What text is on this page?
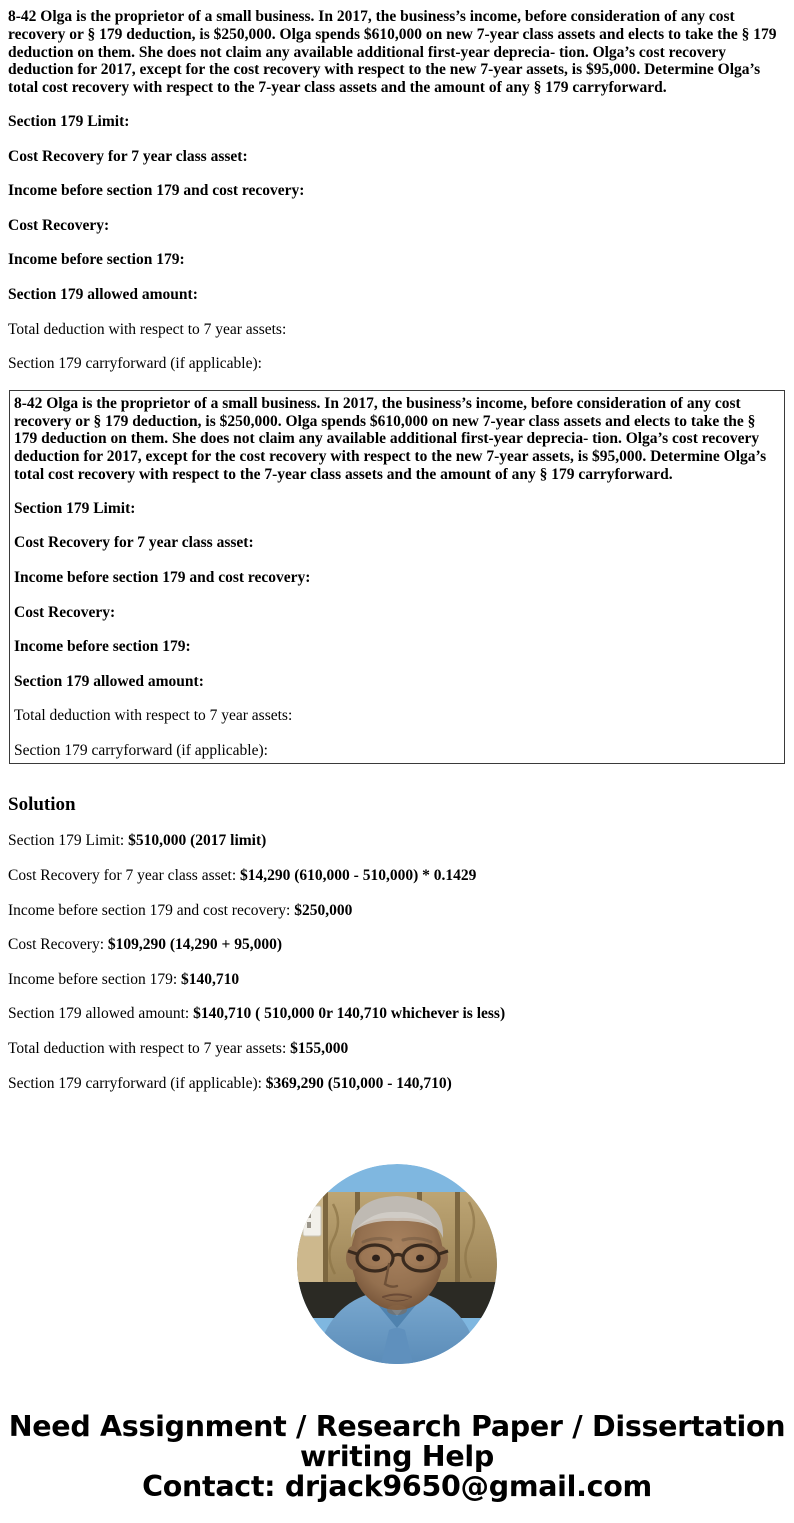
8-42 Olga is the proprietor of a small business. In 2017, the business’s income, before consideration of any cost recovery or § 179 deduction, is $250,000. Olga spends $610,000 on new 7-year class assets and elects to take the § 179 deduction on them. She does not claim any available additional first-year deprecia- tion. Olga’s cost recovery deduction for 2017, except for the cost recovery with respect to the new 7-year assets, is $95,000. Determine Olga’s total cost recovery with respect to the 7-year class assets and the amount of any § 179 carryforward.

Section 179 Limit:

Cost Recovery for 7 year class asset:

Income before section 179 and cost recovery:

Cost Recovery:

Income before section 179:

Section 179 allowed amount:

Total deduction with respect to 7 year assets:

Section 179 carryforward (if applicable):

8-42 Olga is the proprietor of a small business. In 2017, the business’s income, before consideration of any cost recovery or § 179 deduction, is $250,000. Olga spends $610,000 on new 7-year class assets and elects to take the § 179 deduction on them. She does not claim any available additional first-year deprecia- tion. Olga’s cost recovery deduction for 2017, except for the cost recovery with respect to the new 7-year assets, is $95,000. Determine Olga’s total cost recovery with respect to the 7-year class assets and the amount of any § 179 carryforward.

Section 179 Limit:

Cost Recovery for 7 year class asset:

Income before section 179 and cost recovery:

Cost Recovery:

Income before section 179:

Section 179 allowed amount:

Total deduction with respect to 7 year assets:

Section 179 carryforward (if applicable):

Solution

Section 179 Limit: $510,000 (2017 limit)

Cost Recovery for 7 year class asset: $14,290 (610,000 - 510,000) * 0.1429

Income before section 179 and cost recovery: $250,000

Cost Recovery: $109,290 (14,290 + 95,000)

Income before section 179: $140,710

Section 179 allowed amount: $140,710 ( 510,000 0r 140,710 whichever is less)

Total deduction with respect to 7 year assets: $155,000

Section 179 carryforward (if applicable): $369,290 (510,000 - 140,710)

Need Assignment / Research Paper / Dissertation
writing Help
Contact: drjack9650@gmail.com
